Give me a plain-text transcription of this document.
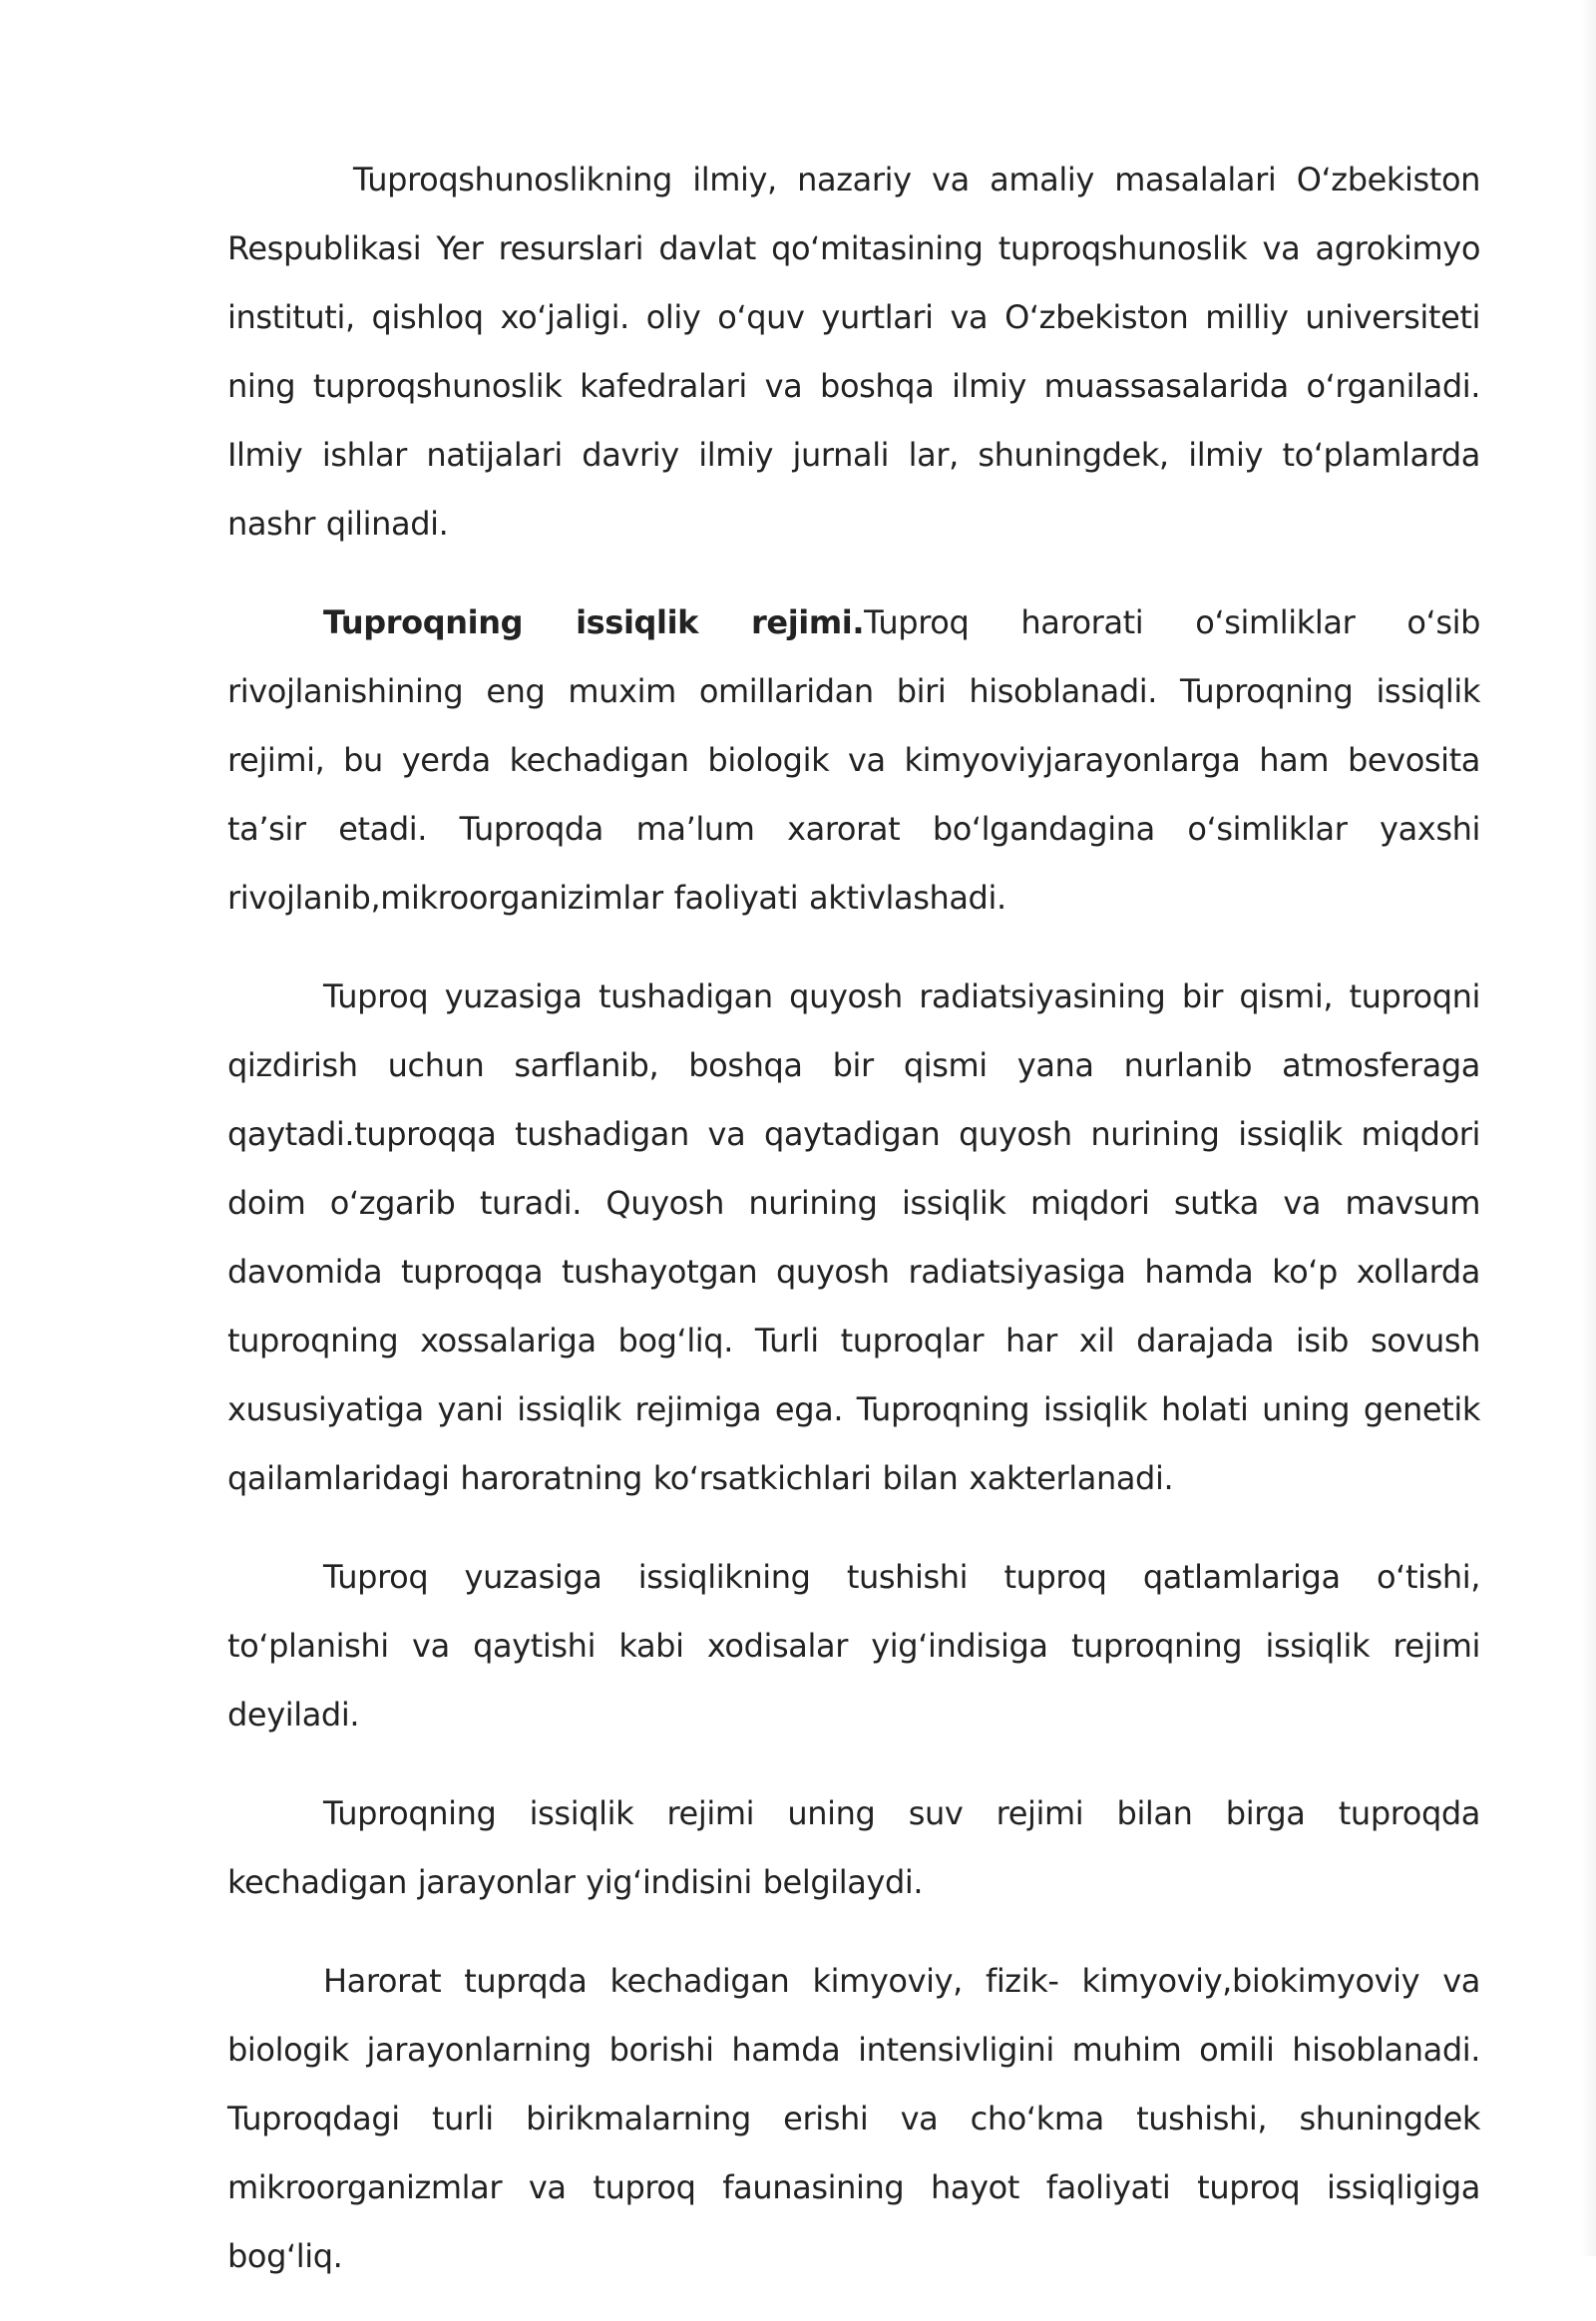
Tuproqshunoslikning ilmiy, nazariy va amaliy masalalari O‘zbekiston Respublikasi Yer resurslari davlat qo‘mitasining tuproqshunoslik va agrokimyo instituti, qishloq xo‘jaligi. oliy o‘quv yurtlari va O‘zbekiston milliy universiteti ning tuproqshunoslik kafedralari va boshqa ilmiy muassasalarida o‘rganiladi. Ilmiy ishlar natijalari davriy ilmiy jurnali lar, shuningdek, ilmiy to‘plamlarda nashr qilinadi.

Tuproqning issiqlik rejimi.Tuproq harorati o‘simliklar o‘sib rivojlanishining eng muxim omillaridan biri hisoblanadi. Tuproqning issiqlik rejimi, bu yerda kechadigan biologik va kimyoviyjarayonlarga ham bevosita ta’sir etadi. Tuproqda ma’lum xarorat bo‘lgandagina o‘simliklar yaxshi rivojlanib,mikroorganizimlar faoliyati aktivlashadi.

Tuproq yuzasiga tushadigan quyosh radiatsiyasining bir qismi, tuproqni qizdirish uchun sarflanib, boshqa bir qismi yana nurlanib atmosferaga qaytadi.tuproqqa tushadigan va qaytadigan quyosh nurining issiqlik miqdori doim o‘zgarib turadi. Quyosh nurining issiqlik miqdori sutka va mavsum davomida tuproqqa tushayotgan quyosh radiatsiyasiga hamda ko‘p xollarda tuproqning xossalariga bog‘liq. Turli tuproqlar har xil darajada isib sovush xususiyatiga yani issiqlik rejimiga ega. Tuproqning issiqlik holati uning genetik qailamlaridagi haroratning ko‘rsatkichlari bilan xakterlanadi.

Tuproq yuzasiga issiqlikning tushishi tuproq qatlamlariga o‘tishi, to‘planishi va qaytishi kabi xodisalar yig‘indisiga tuproqning issiqlik rejimi deyiladi.

Tuproqning issiqlik rejimi uning suv rejimi bilan birga tuproqda kechadigan jarayonlar yig‘indisini belgilaydi.

Harorat tuprqda kechadigan kimyoviy, fizik- kimyoviy,biokimyoviy va biologik jarayonlarning borishi hamda intensivligini muhim omili hisoblanadi. Tuproqdagi turli birikmalarning erishi va cho‘kma tushishi, shuningdek mikroorganizmlar va tuproq faunasining hayot faoliyati tuproq issiqligiga bog‘liq.
